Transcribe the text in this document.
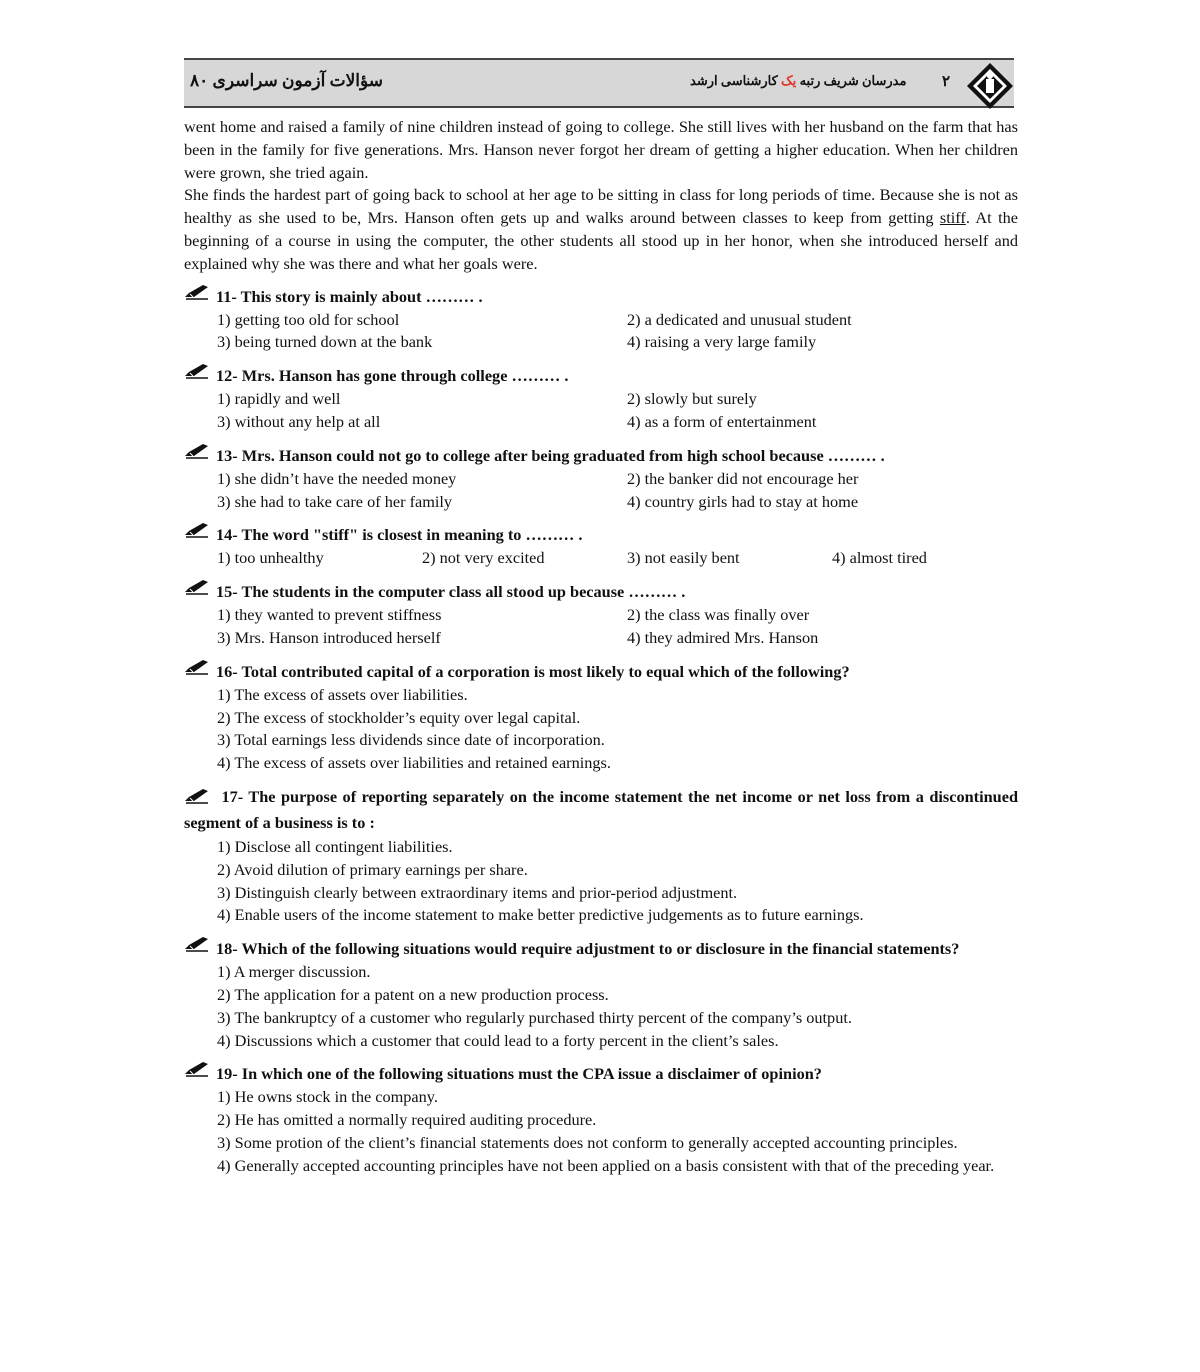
سؤالات آزمون سراسری ۸۰	مدرسان شریف رتبه یک کارشناسی ارشد	۲

went home and raised a family of nine children instead of going to college. She still lives with her husband on the farm that has been in the family for five generations. Mrs. Hanson never forgot her dream of getting a higher education. When her children were grown, she tried again.

She finds the hardest part of going back to school at her age to be sitting in class for long periods of time. Because she is not as healthy as she used to be, Mrs. Hanson often gets up and walks around between classes to keep from getting stiff. At the beginning of a course in using the computer, the other students all stood up in her honor, when she introduced herself and explained why she was there and what her goals were.

11- This story is mainly about ……… .
1) getting too old for school	2) a dedicated and unusual student
3) being turned down at the bank	4) raising a very large family
12- Mrs. Hanson has gone through college ……… .
1) rapidly and well	2) slowly but surely
3) without any help at all	4) as a form of entertainment
13- Mrs. Hanson could not go to college after being graduated from high school because ……… .
1) she didn’t have the needed money	2) the banker did not encourage her
3) she had to take care of her family	4) country girls had to stay at home
14- The word "stiff" is closest in meaning to ……… .
1) too unhealthy	2) not very excited	3) not easily bent	4) almost tired
15- The students in the computer class all stood up because ……… .
1) they wanted to prevent stiffness	2) the class was finally over
3) Mrs. Hanson introduced herself	4) they admired Mrs. Hanson
16- Total contributed capital of a corporation is most likely to equal which of the following?
1) The excess of assets over liabilities.
2) The excess of stockholder’s equity over legal capital.
3) Total earnings less dividends since date of incorporation.
4) The excess of assets over liabilities and retained earnings.
17- The purpose of reporting separately on the income statement the net income or net loss from a discontinued segment of a business is to :
1) Disclose all contingent liabilities.
2) Avoid dilution of primary earnings per share.
3) Distinguish clearly between extraordinary items and prior-period adjustment.
4) Enable users of the income statement to make better predictive judgements as to future earnings.
18- Which of the following situations would require adjustment to or disclosure in the financial statements?
1) A merger discussion.
2) The application for a patent on a new production process.
3) The bankruptcy of a customer who regularly purchased thirty percent of the company’s output.
4) Discussions which a customer that could lead to a forty percent in the client’s sales.
19- In which one of the following situations must the CPA issue a disclaimer of opinion?
1) He owns stock in the company.
2) He has omitted a normally required auditing procedure.
3) Some protion of the client’s financial statements does not conform to generally accepted accounting principles.
4) Generally accepted accounting principles have not been applied on a basis consistent with that of the preceding year.
